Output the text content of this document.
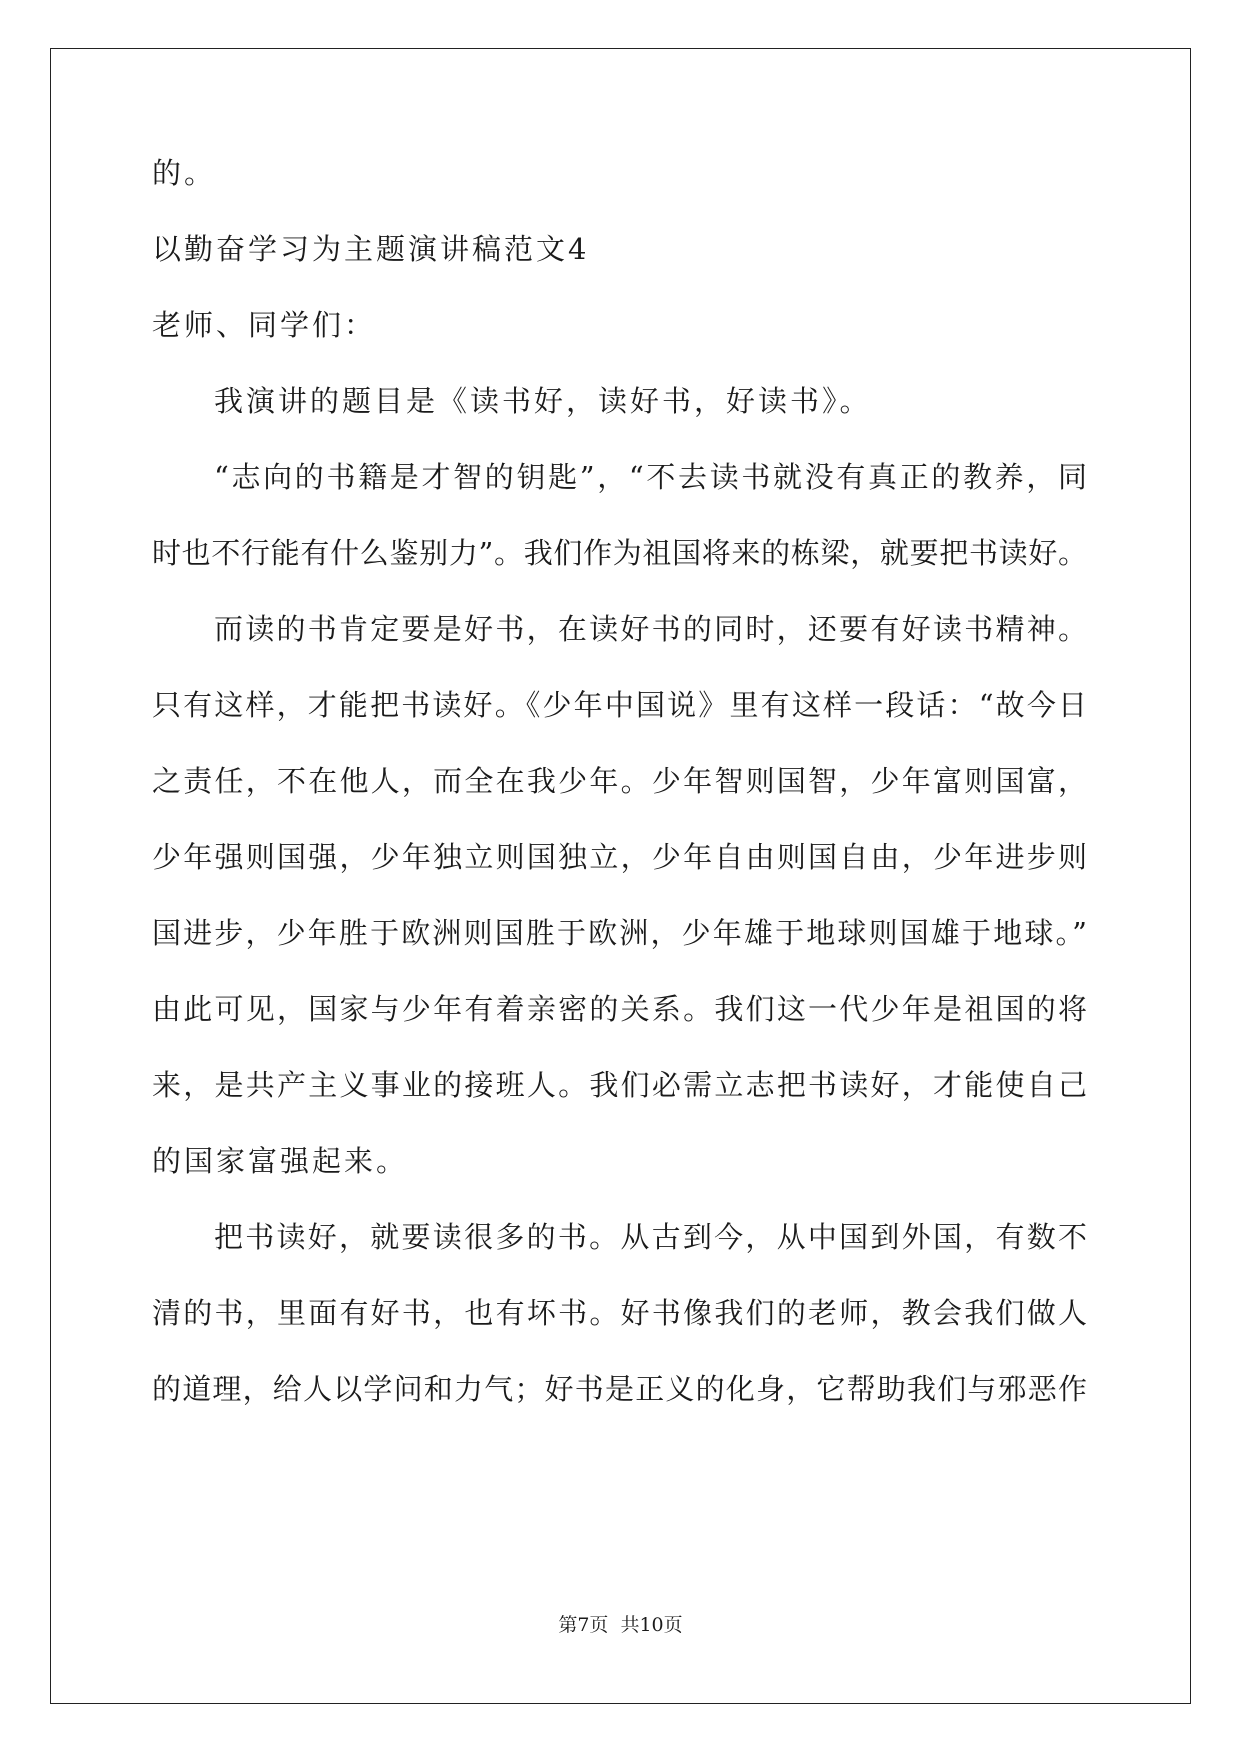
的。
以勤奋学习为主题演讲稿范文4
老师、同学们：
我演讲的题目是《读书好，读好书，好读书》。
“志向的书籍是才智的钥匙”，“不去读书就没有真正的教养，同
时也不行能有什么鉴别力”。我们作为祖国将来的栋梁，就要把书读好。
而读的书肯定要是好书，在读好书的同时，还要有好读书精神。
只有这样，才能把书读好。《少年中国说》里有这样一段话：“故今日
之责任，不在他人，而全在我少年。少年智则国智，少年富则国富，
少年强则国强，少年独立则国独立，少年自由则国自由，少年进步则
国进步，少年胜于欧洲则国胜于欧洲，少年雄于地球则国雄于地球。”
由此可见，国家与少年有着亲密的关系。我们这一代少年是祖国的将
来，是共产主义事业的接班人。我们必需立志把书读好，才能使自己
的国家富强起来。
把书读好，就要读很多的书。从古到今，从中国到外国，有数不
清的书，里面有好书，也有坏书。好书像我们的老师，教会我们做人
的道理，给人以学问和力气；好书是正义的化身，它帮助我们与邪恶作
第7页 共10页
